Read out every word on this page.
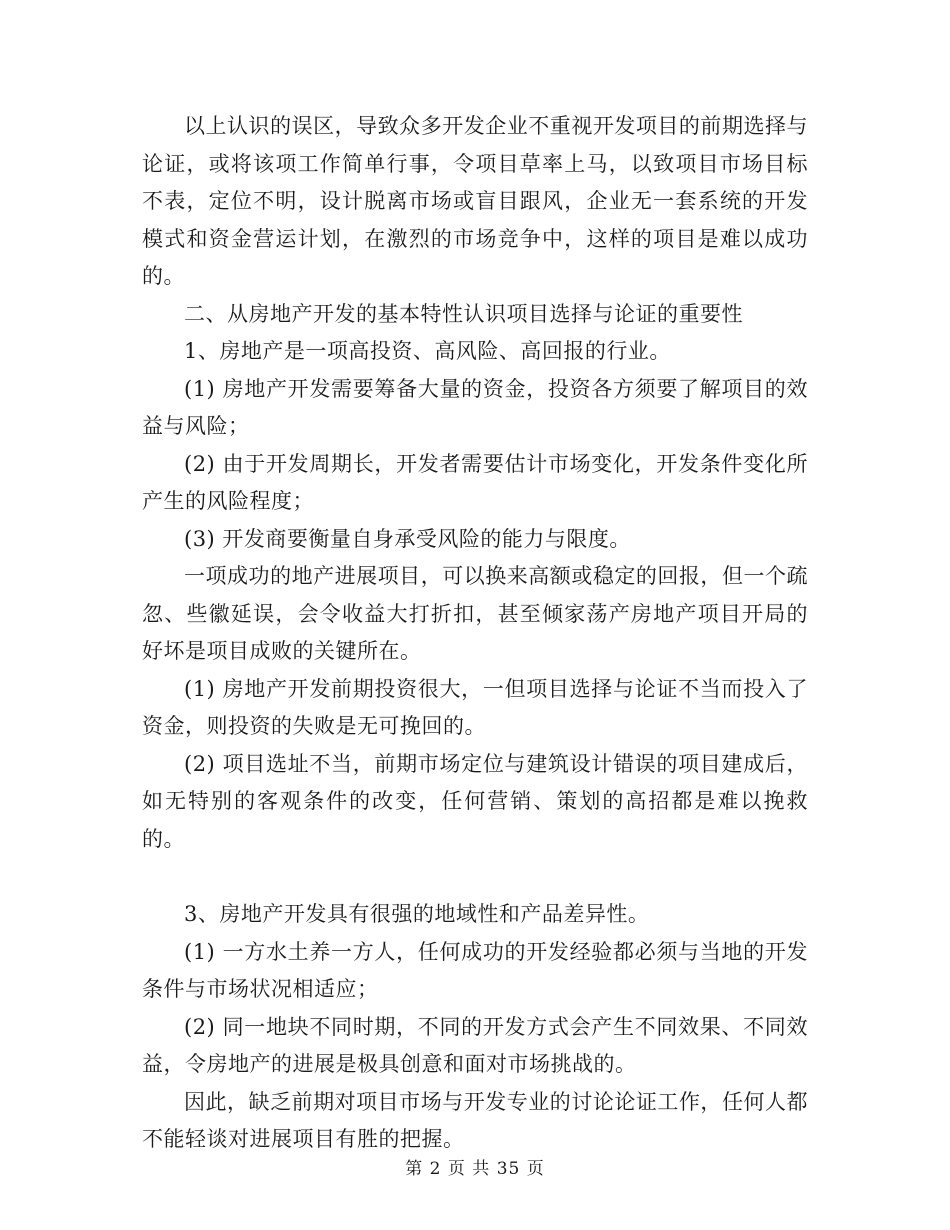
以上认识的误区，导致众多开发企业不重视开发项目的前期选择与论证，或将该项工作简单行事，令项目草率上马，以致项目市场目标不表，定位不明，设计脱离市场或盲目跟风，企业无一套系统的开发模式和资金营运计划，在激烈的市场竞争中，这样的项目是难以成功的。

二、从房地产开发的基本特性认识项目选择与论证的重要性

1、房地产是一项高投资、高风险、高回报的行业。

(1) 房地产开发需要筹备大量的资金，投资各方须要了解项目的效益与风险；

(2) 由于开发周期长，开发者需要估计市场变化，开发条件变化所产生的风险程度；

(3) 开发商要衡量自身承受风险的能力与限度。

一项成功的地产进展项目，可以换来高额或稳定的回报，但一个疏忽、些徽延误，会令收益大打折扣，甚至倾家荡产房地产项目开局的好坏是项目成败的关键所在。

(1) 房地产开发前期投资很大，一但项目选择与论证不当而投入了资金，则投资的失败是无可挽回的。

(2) 项目选址不当，前期市场定位与建筑设计错误的项目建成后，如无特别的客观条件的改变，任何营销、策划的高招都是难以挽救的。

3、房地产开发具有很强的地域性和产品差异性。

(1) 一方水土养一方人，任何成功的开发经验都必须与当地的开发条件与市场状况相适应；

(2) 同一地块不同时期，不同的开发方式会产生不同效果、不同效益，令房地产的进展是极具创意和面对市场挑战的。

因此，缺乏前期对项目市场与开发专业的讨论论证工作，任何人都不能轻谈对进展项目有胜的把握。

第 2 页 共 35 页
